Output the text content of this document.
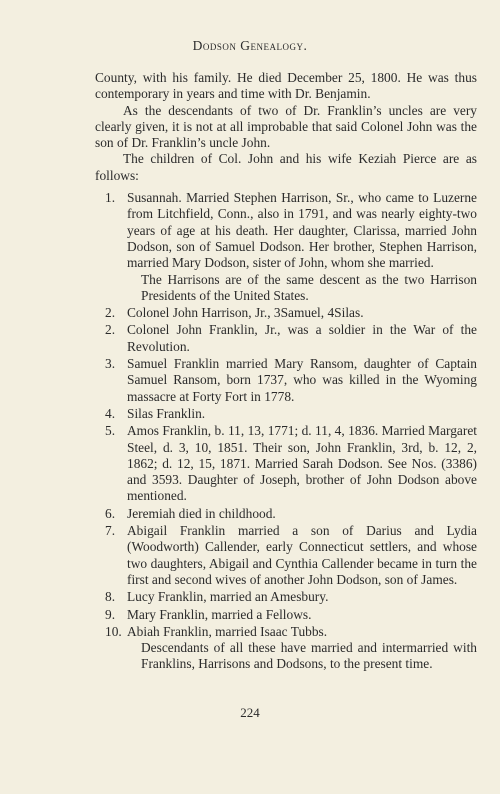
Dodson Genealogy.

County, with his family. He died December 25, 1800. He was thus contemporary in years and time with Dr. Benjamin.

As the descendants of two of Dr. Franklin’s uncles are very clearly given, it is not at all improbable that said Colonel John was the son of Dr. Franklin’s uncle John.

The children of Col. John and his wife Keziah Pierce are as follows:

1. Susannah. Married Stephen Harrison, Sr., who came to Luzerne from Litchfield, Conn., also in 1791, and was nearly eighty-two years of age at his death. Her daughter, Clarissa, married John Dodson, son of Samuel Dodson. Her brother, Stephen Harrison, married Mary Dodson, sister of John, whom she married.

The Harrisons are of the same descent as the two Harrison Presidents of the United States.

2. Colonel John Harrison, Jr., 3Samuel, 4Silas.
2. Colonel John Franklin, Jr., was a soldier in the War of the Revolution.
3. Samuel Franklin married Mary Ransom, daughter of Captain Samuel Ransom, born 1737, who was killed in the Wyoming massacre at Forty Fort in 1778.
4. Silas Franklin.
5. Amos Franklin, b. 11, 13, 1771; d. 11, 4, 1836. Married Margaret Steel, d. 3, 10, 1851. Their son, John Franklin, 3rd, b. 12, 2, 1862; d. 12, 15, 1871. Married Sarah Dodson. See Nos. (3386) and 3593. Daughter of Joseph, brother of John Dodson above mentioned.
6. Jeremiah died in childhood.
7. Abigail Franklin married a son of Darius and Lydia (Woodworth) Callender, early Connecticut settlers, and whose two daughters, Abigail and Cynthia Callender became in turn the first and second wives of another John Dodson, son of James.
8. Lucy Franklin, married an Amesbury.
9. Mary Franklin, married a Fellows.
10. Abiah Franklin, married Isaac Tubbs.

Descendants of all these have married and intermarried with Franklins, Harrisons and Dodsons, to the present time.

224
